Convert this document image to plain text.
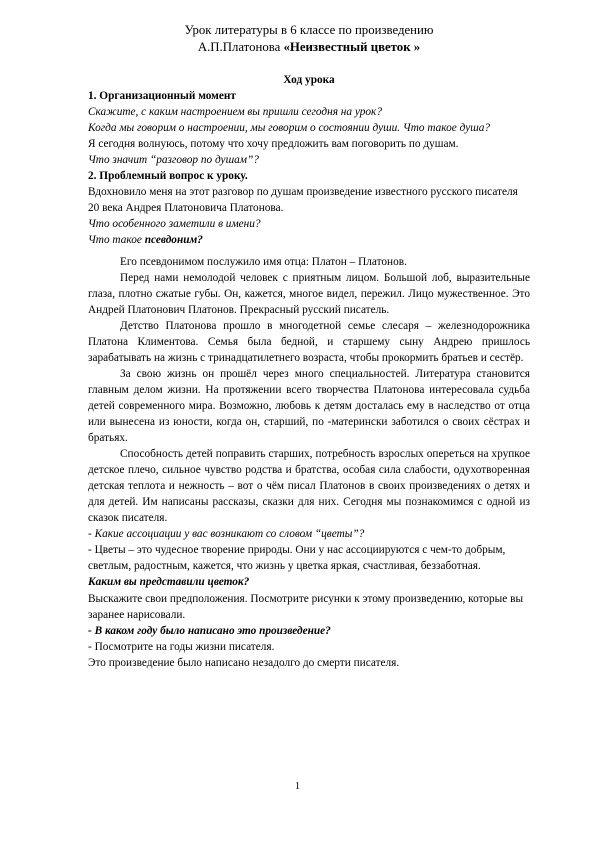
Урок литературы в 6 классе по произведению
А.П.Платонова «Неизвестный цветок »
Ход урока
1. Организационный момент

Скажите, с каким настроением вы пришли сегодня на урок?

Когда мы говорим о настроении, мы говорим о состоянии души. Что такое душа?

Я сегодня волнуюсь, потому что хочу предложить вам поговорить по душам.

Что значит “разговор по душам”?

2. Проблемный вопрос к уроку.

Вдохновило меня на этот разговор по душам произведение известного русского писателя 20 века Андрея Платоновича Платонова.

Что особенного заметили в имени?

Что такое псевдоним?

Его псевдонимом послужило имя отца: Платон – Платонов.

Перед нами немолодой человек с приятным лицом. Большой лоб, выразительные глаза, плотно сжатые губы. Он, кажется, многое видел, пережил. Лицо мужественное. Это Андрей Платонович Платонов. Прекрасный русский писатель.

Детство Платонова прошло в многодетной семье слесаря – железнодорожника Платона Климентова. Семья была бедной, и старшему сыну Андрею пришлось зарабатывать на жизнь с тринадцатилетнего возраста, чтобы прокормить братьев и сестёр.

За свою жизнь он прошёл через много специальностей. Литература становится главным делом жизни. На протяжении всего творчества Платонова интересовала судьба детей современного мира. Возможно, любовь к детям досталась ему в наследство от отца или вынесена из юности, когда он, старший, по -матерински заботился о своих сёстрах и братьях.

Способность детей поправить старших, потребность взрослых опереться на хрупкое детское плечо, сильное чувство родства и братства, особая сила слабости, одухотворенная детская теплота и нежность – вот о чём писал Платонов в своих произведениях о детях и для детей. Им написаны рассказы, сказки для них. Сегодня мы познакомимся с одной из сказок писателя.

- Какие ассоциации у вас возникают со словом “цветы”?

- Цветы – это чудесное творение природы. Они у нас ассоциируются с чем-то добрым, светлым, радостным, кажется, что жизнь у цветка яркая, счастливая, беззаботная.

Каким вы представили цветок?

Выскажите свои предположения. Посмотрите рисунки к этому произведению, которые вы заранее нарисовали.

- В каком году было написано это произведение?

- Посмотрите на годы жизни писателя.

Это произведение было написано незадолго до смерти писателя.

1
